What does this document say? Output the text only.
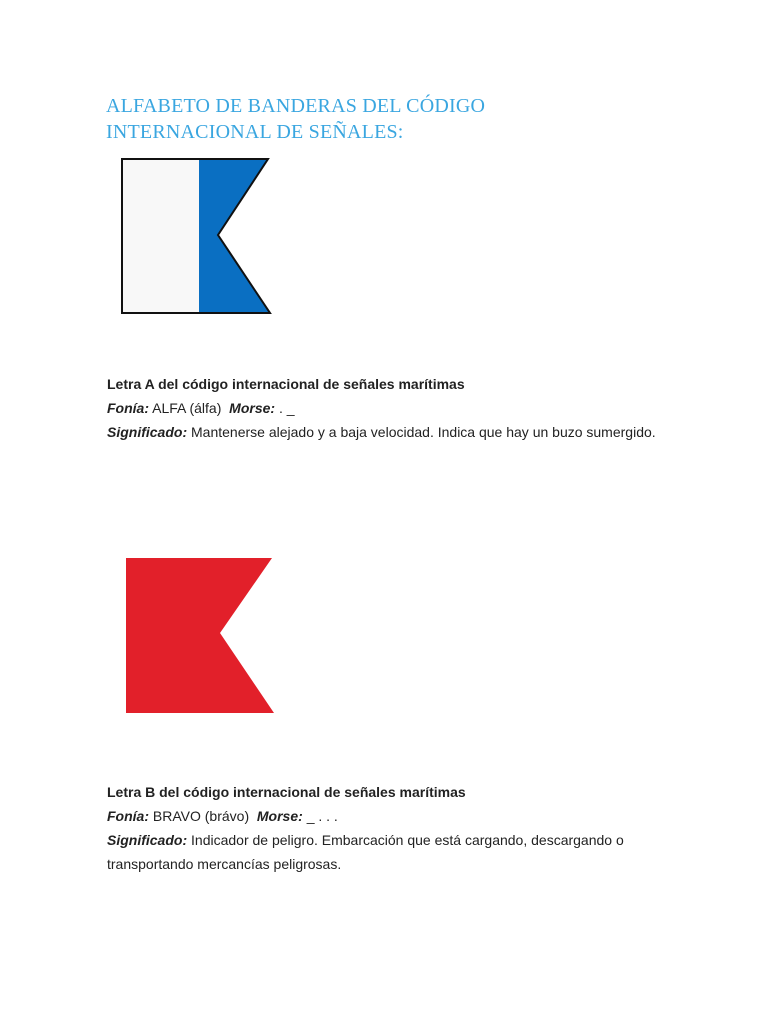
ALFABETO DE BANDERAS DEL CÓDIGO
INTERNACIONAL DE SEÑALES:

Letra A del código internacional de señales marítimas

Fonía: ALFA (álfa) Morse: . _

Significado: Mantenerse alejado y a baja velocidad. Indica que hay un buzo sumergido.

Letra B del código internacional de señales marítimas

Fonía: BRAVO (brávo) Morse: _ . . .

Significado: Indicador de peligro. Embarcación que está cargando, descargando o transportando mercancías peligrosas.
